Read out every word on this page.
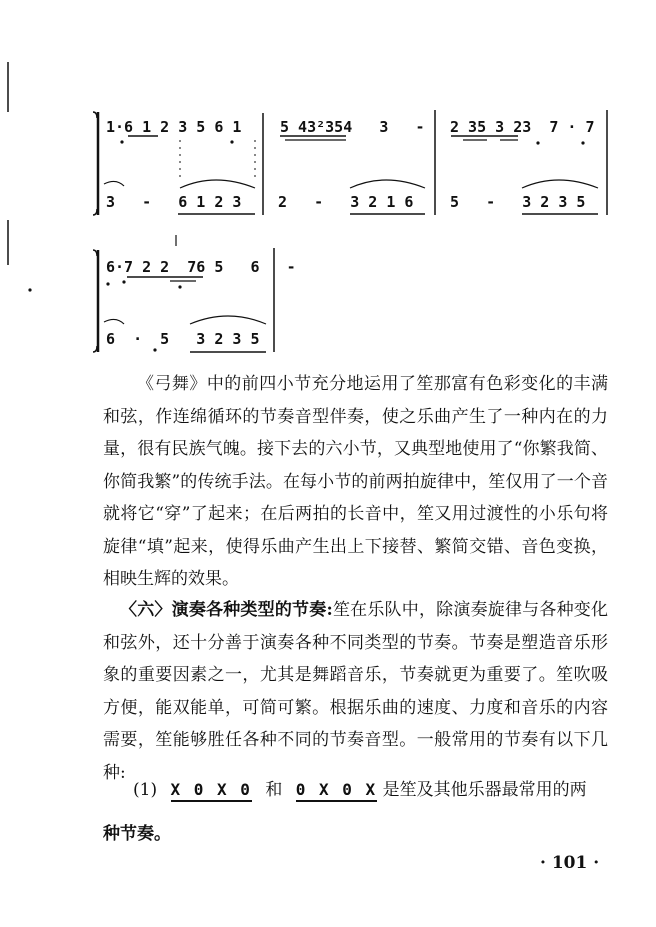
1·6 1 2 3 5 6 1	5 43²354   3   - 2 35 3 23  7 · 7
3   -   6 1 2 3 2   -   3 2 1 6 5   -   3 2 3 5
6·7 2 2  76 5   6   -
6  ·  5   3 2 3 5

《弓舞》中的前四小节充分地运用了笙那富有色彩变化的丰满和弦，作连绵循环的节奏音型伴奏，使之乐曲产生了一种内在的力量，很有民族气魄。接下去的六小节，又典型地使用了“你繁我简、你简我繁”的传统手法。在每小节的前两拍旋律中，笙仅用了一个音就将它“穿”了起来；在后两拍的长音中，笙又用过渡性的小乐句将旋律“填”起来，使得乐曲产生出上下接替、繁简交错、音色变换，相映生辉的效果。

〈六〉演奏各种类型的节奏:笙在乐队中，除演奏旋律与各种变化和弦外，还十分善于演奏各种不同类型的节奏。节奏是塑造音乐形象的重要因素之一，尤其是舞蹈音乐，节奏就更为重要了。笙吹吸方便，能双能单，可简可繁。根据乐曲的速度、力度和音乐的内容需要，笙能够胜任各种不同的节奏音型。一般常用的节奏有以下几种:

(1) X 0 X 0 和 0 X 0 X 是笙及其他乐器最常用的两
种节奏。
· 101 ·
